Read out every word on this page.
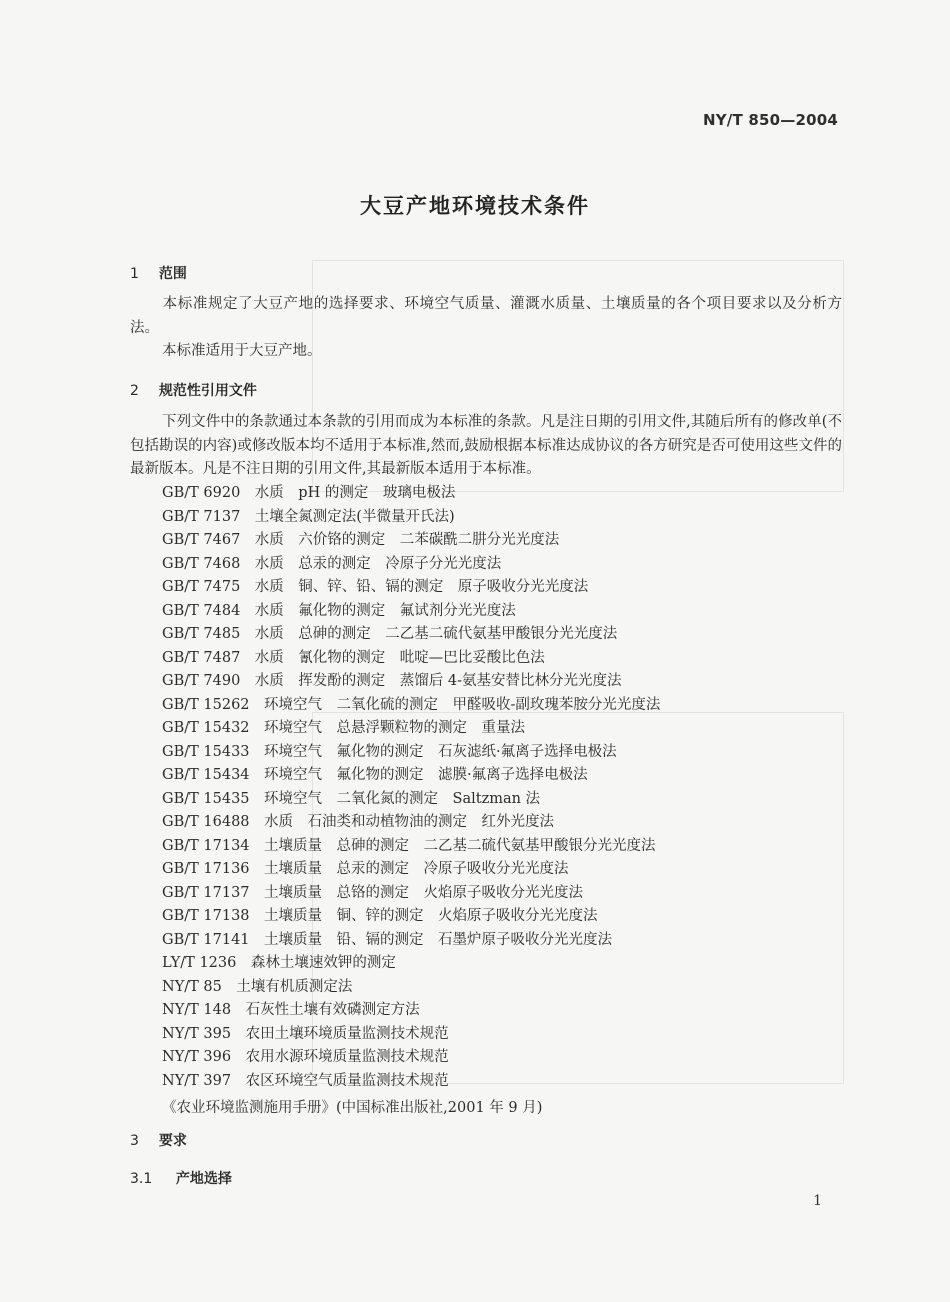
NY/T 850—2004
大豆产地环境技术条件
1 范围
本标准规定了大豆产地的选择要求、环境空气质量、灌溉水质量、土壤质量的各个项目要求以及分析方法。
本标准适用于大豆产地。
2 规范性引用文件
下列文件中的条款通过本条款的引用而成为本标准的条款。凡是注日期的引用文件,其随后所有的修改单(不包括勘误的内容)或修改版本均不适用于本标准,然而,鼓励根据本标准达成协议的各方研究是否可使用这些文件的最新版本。凡是不注日期的引用文件,其最新版本适用于本标准。
GB/T 6920　水质　pH 的测定　玻璃电极法
GB/T 7137　土壤全氮测定法(半微量开氏法)
GB/T 7467　水质　六价铬的测定　二苯碳酰二肼分光光度法
GB/T 7468　水质　总汞的测定　冷原子分光光度法
GB/T 7475　水质　铜、锌、铅、镉的测定　原子吸收分光光度法
GB/T 7484　水质　氟化物的测定　氟试剂分光光度法
GB/T 7485　水质　总砷的测定　二乙基二硫代氨基甲酸银分光光度法
GB/T 7487　水质　氰化物的测定　吡啶—巴比妥酸比色法
GB/T 7490　水质　挥发酚的测定　蒸馏后 4-氨基安替比林分光光度法
GB/T 15262　环境空气　二氧化硫的测定　甲醛吸收-副玫瑰苯胺分光光度法
GB/T 15432　环境空气　总悬浮颗粒物的测定　重量法
GB/T 15433　环境空气　氟化物的测定　石灰滤纸·氟离子选择电极法
GB/T 15434　环境空气　氟化物的测定　滤膜·氟离子选择电极法
GB/T 15435　环境空气　二氧化氮的测定　Saltzman 法
GB/T 16488　水质　石油类和动植物油的测定　红外光度法
GB/T 17134　土壤质量　总砷的测定　二乙基二硫代氨基甲酸银分光光度法
GB/T 17136　土壤质量　总汞的测定　冷原子吸收分光光度法
GB/T 17137　土壤质量　总铬的测定　火焰原子吸收分光光度法
GB/T 17138　土壤质量　铜、锌的测定　火焰原子吸收分光光度法
GB/T 17141　土壤质量　铅、镉的测定　石墨炉原子吸收分光光度法
LY/T 1236　森林土壤速效钾的测定
NY/T 85　土壤有机质测定法
NY/T 148　石灰性土壤有效磷测定方法
NY/T 395　农田土壤环境质量监测技术规范
NY/T 396　农用水源环境质量监测技术规范
NY/T 397　农区环境空气质量监测技术规范
《农业环境监测施用手册》(中国标准出版社,2001 年 9 月)
3 要求
3.1 产地选择
1
